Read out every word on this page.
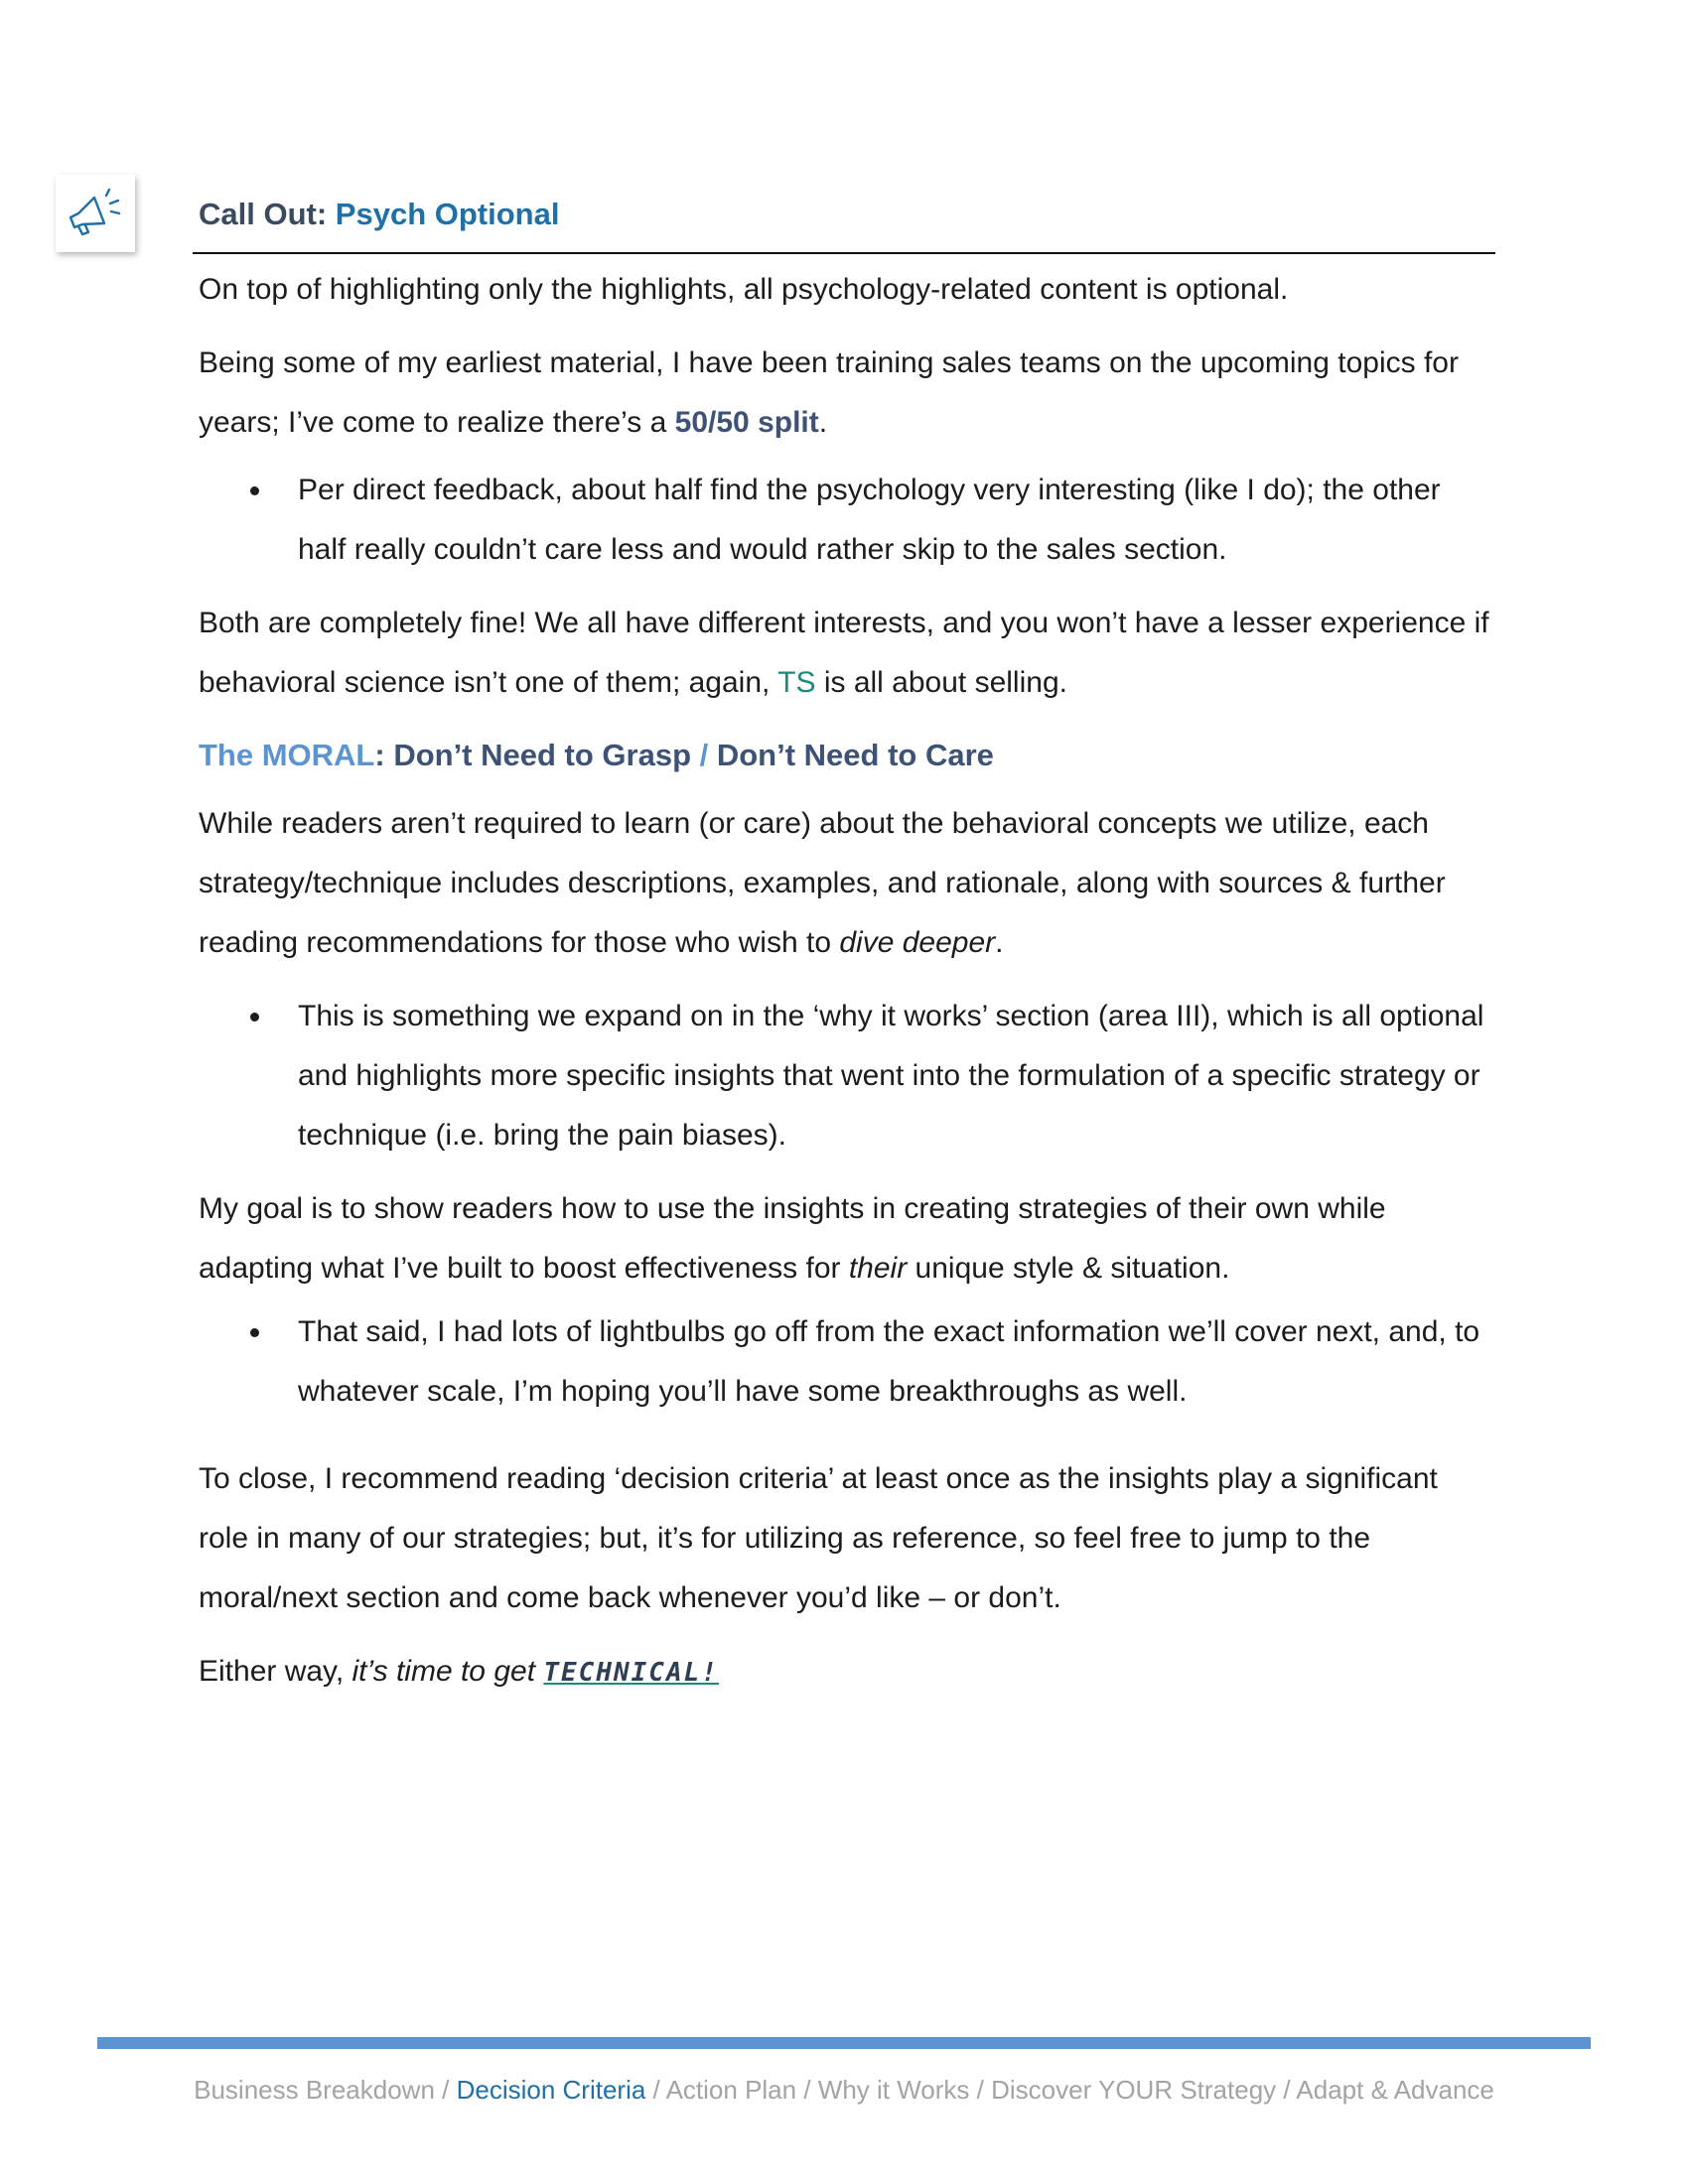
Call Out: Psych Optional

On top of highlighting only the highlights, all psychology-related content is optional.

Being some of my earliest material, I have been training sales teams on the upcoming topics for years; I’ve come to realize there’s a 50/50 split.

Per direct feedback, about half find the psychology very interesting (like I do); the other half really couldn’t care less and would rather skip to the sales section.

Both are completely fine! We all have different interests, and you won’t have a lesser experience if behavioral science isn’t one of them; again, TS is all about selling.

The MORAL: Don’t Need to Grasp / Don’t Need to Care

While readers aren’t required to learn (or care) about the behavioral concepts we utilize, each strategy/technique includes descriptions, examples, and rationale, along with sources & further reading recommendations for those who wish to dive deeper.

This is something we expand on in the ‘why it works’ section (area III), which is all optional and highlights more specific insights that went into the formulation of a specific strategy or technique (i.e. bring the pain biases).

My goal is to show readers how to use the insights in creating strategies of their own while adapting what I’ve built to boost effectiveness for their unique style & situation.

That said, I had lots of lightbulbs go off from the exact information we’ll cover next, and, to whatever scale, I’m hoping you’ll have some breakthroughs as well.

To close, I recommend reading ‘decision criteria’ at least once as the insights play a significant role in many of our strategies; but, it’s for utilizing as reference, so feel free to jump to the moral/next section and come back whenever you’d like – or don’t.

Either way, it’s time to get TECHNICAL!

Business Breakdown / Decision Criteria / Action Plan / Why it Works / Discover YOUR Strategy / Adapt & Advance
